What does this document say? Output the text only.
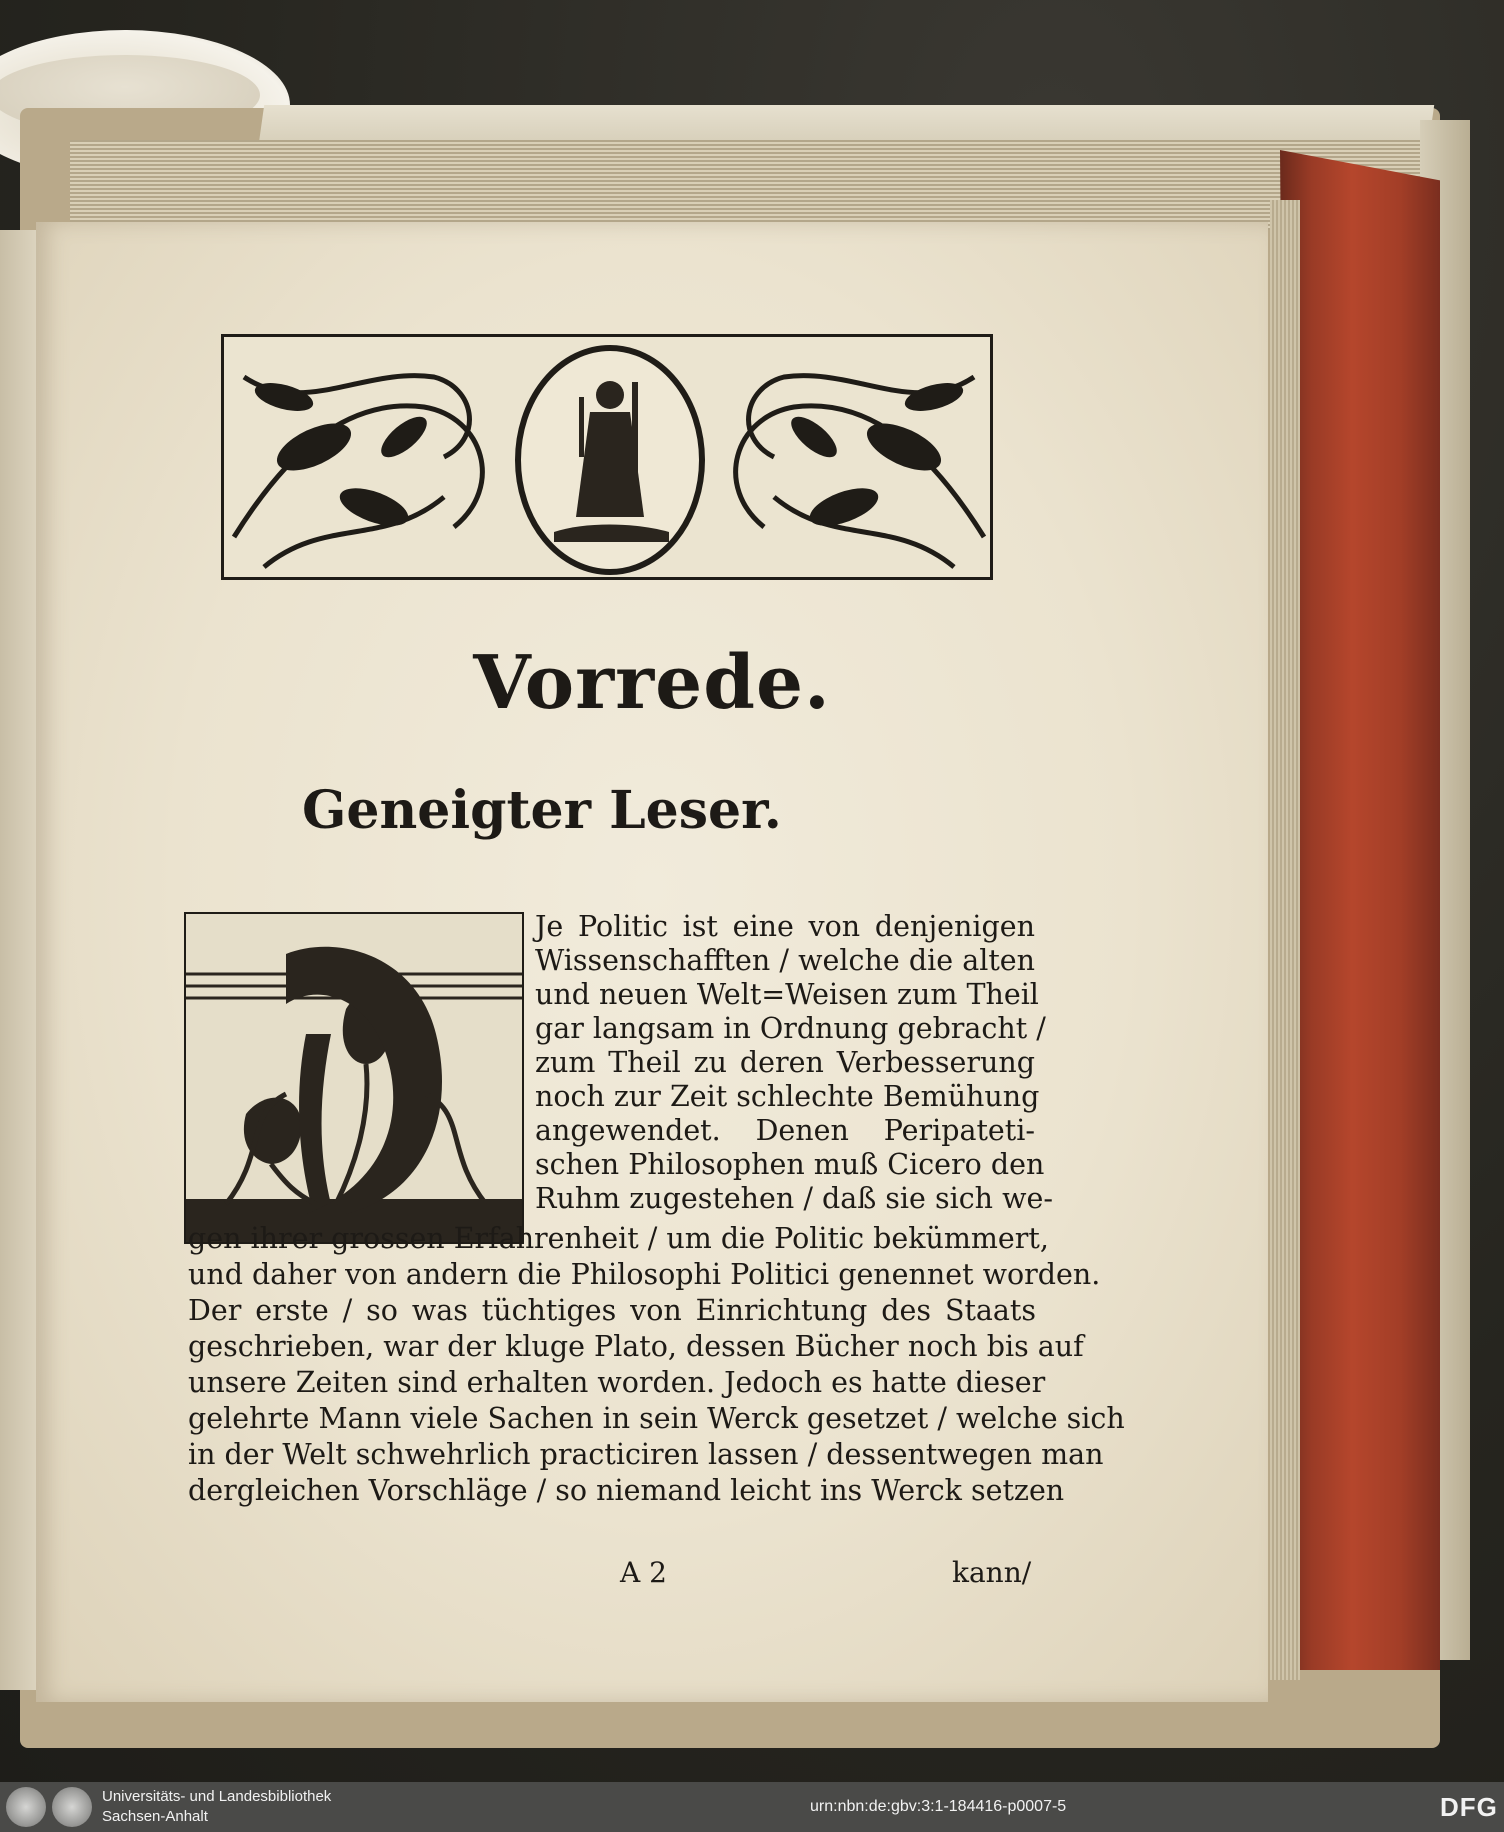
Vorrede.
Geneigter Leser.
Je Politic ist eine von denjenigen
Wissenschafften / welche die alten
und neuen Welt=Weisen zum Theil
gar langsam in Ordnung gebracht /
zum Theil zu deren Verbesserung
noch zur Zeit schlechte Bemühung
angewendet. Denen Peripateti-
schen Philosophen muß Cicero den
Ruhm zugestehen / daß sie sich we-
gen ihrer grossen Erfahrenheit / um die Politic bekümmert,
und daher von andern die Philosophi Politici genennet worden.
Der erste / so was tüchtiges von Einrichtung des Staats
geschrieben, war der kluge Plato, dessen Bücher noch bis auf
unsere Zeiten sind erhalten worden. Jedoch es hatte dieser
gelehrte Mann viele Sachen in sein Werck gesetzet / welche sich
in der Welt schwehrlich practiciren lassen / dessentwegen man
dergleichen Vorschläge / so niemand leicht ins Werck setzen
A 2	kann/
Universitäts- und Landesbibliothek
Sachsen-Anhalt
urn:nbn:de:gbv:3:1-184416-p0007-5	DFG
